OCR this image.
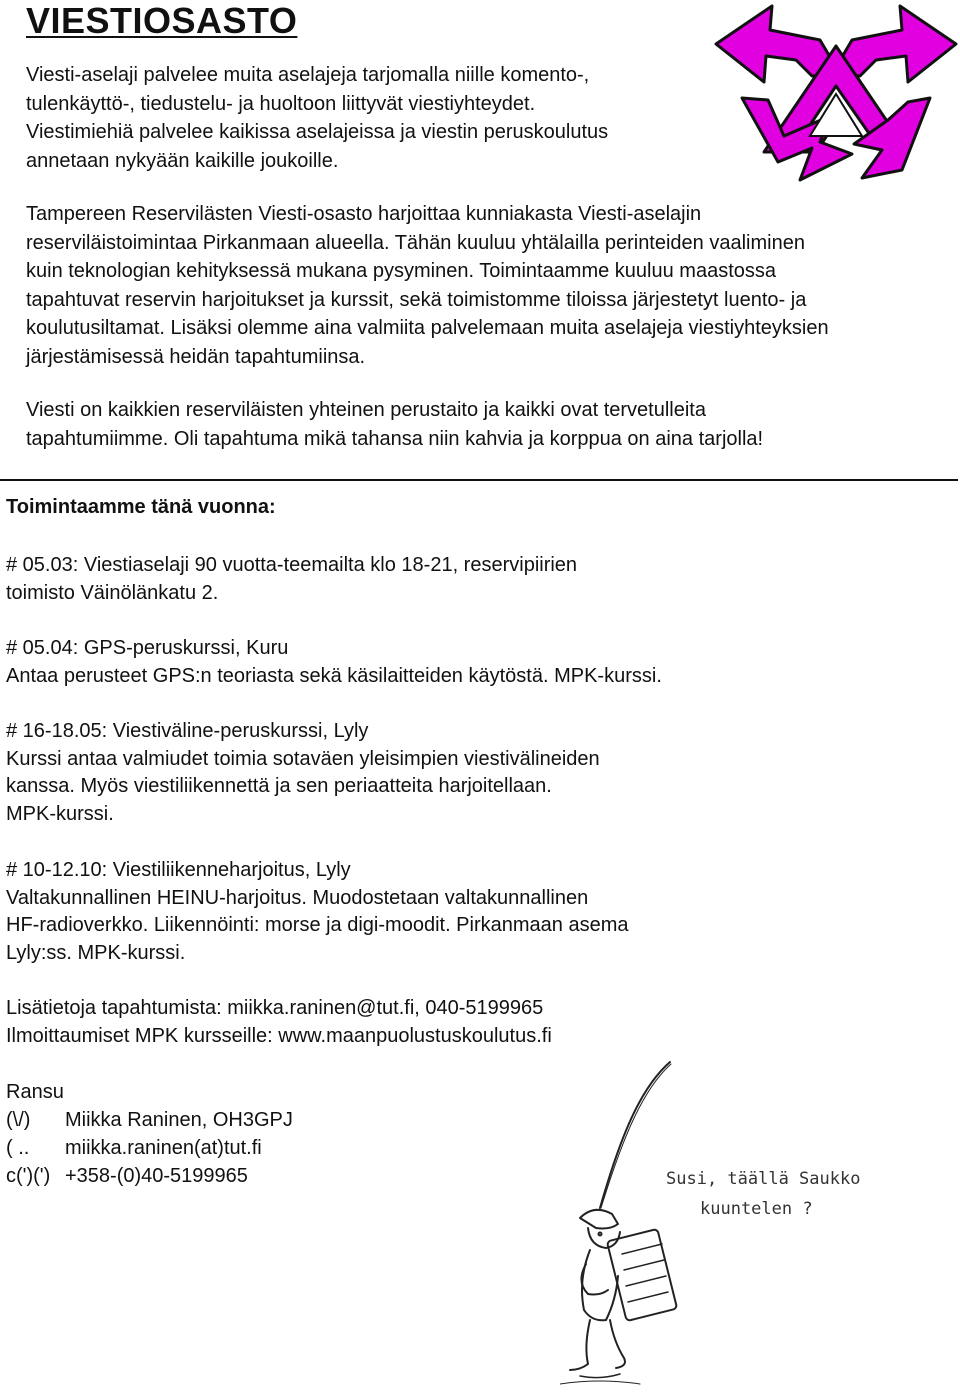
VIESTIOSASTO
Viesti-aselaji palvelee muita aselajeja tarjomalla niille komento-,
tulenkäyttö-, tiedustelu- ja huoltoon liittyvät viestiyhteydet.
Viestimiehiä palvelee kaikissa aselajeissa ja viestin peruskoulutus
annetaan nykyään kaikille joukoille.
Tampereen Reservilästen Viesti-osasto harjoittaa kunniakasta Viesti-aselajin
reserviläistoimintaa Pirkanmaan alueella. Tähän kuuluu yhtälailla perinteiden vaaliminen
kuin teknologian kehityksessä mukana pysyminen. Toimintaamme kuuluu maastossa
tapahtuvat reservin harjoitukset ja kurssit, sekä toimistomme tiloissa järjestetyt luento- ja
koulutusiltamat. Lisäksi olemme aina valmiita palvelemaan muita aselajeja viestiyhteyksien
järjestämisessä heidän tapahtumiinsa.
Viesti on kaikkien reserviläisten yhteinen perustaito ja kaikki ovat tervetulleita
tapahtumiimme. Oli tapahtuma mikä tahansa niin kahvia ja korppua on aina tarjolla!
Toimintaamme tänä vuonna:
# 05.03: Viestiaselaji 90 vuotta-teemailta klo 18-21, reservipiirien
toimisto Väinölänkatu 2.
# 05.04: GPS-peruskurssi, Kuru
Antaa perusteet GPS:n teoriasta sekä käsilaitteiden käytöstä. MPK-kurssi.
# 16-18.05: Viestiväline-peruskurssi, Lyly
Kurssi antaa valmiudet toimia sotaväen yleisimpien viestivälineiden
kanssa. Myös viestiliikennettä ja sen periaatteita harjoitellaan.
MPK-kurssi.
# 10-12.10: Viestiliikenneharjoitus, Lyly
Valtakunnallinen HEINU-harjoitus. Muodostetaan valtakunnallinen
HF-radioverkko. Liikennöinti: morse ja digi-moodit. Pirkanmaan asema
Lyly:ss. MPK-kurssi.
Lisätietoja tapahtumista: miikka.raninen@tut.fi, 040-5199965
Ilmoittaumiset MPK kursseille: www.maanpuolustuskoulutus.fi
Ransu
(\/)
( ..
c(')(')
Miikka Raninen, OH3GPJ
miikka.raninen(at)tut.fi
+358-(0)40-5199965	Susi, täällä Saukko
kuuntelen ?
